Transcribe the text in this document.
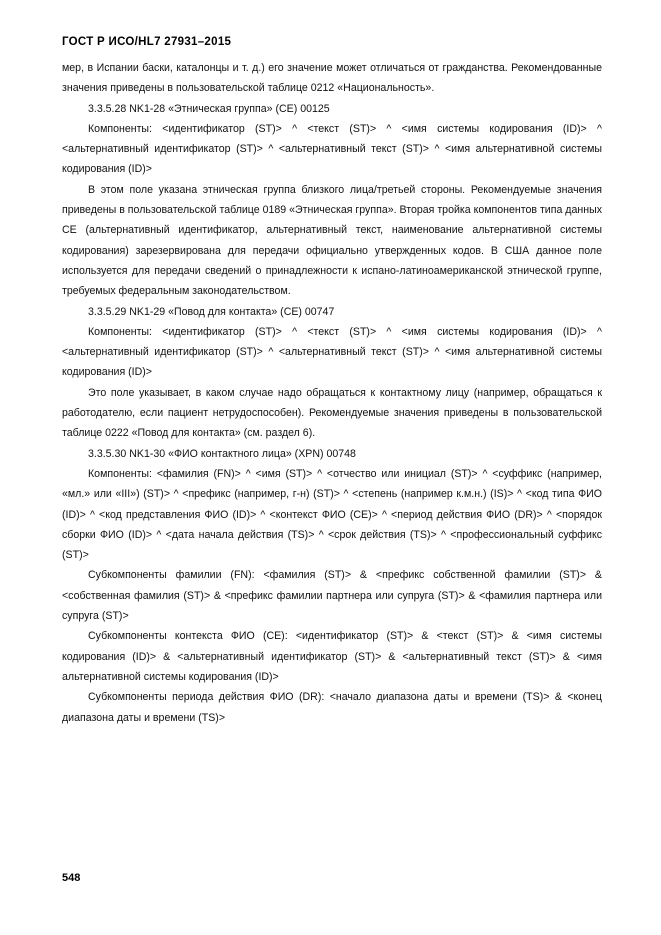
ГОСТ Р ИСО/HL7 27931–2015

мер, в Испании баски, каталонцы и т. д.) его значение может отличаться от гражданства. Рекомендованные значения приведены в пользовательской таблице 0212 «Национальность».

3.3.5.28 NK1-28 «Этническая группа» (CE) 00125

Компоненты: <идентификатор (ST)> ^ <текст (ST)> ^ <имя системы кодирования (ID)> ^ <альтернативный идентификатор (ST)> ^ <альтернативный текст (ST)> ^ <имя альтернативной системы кодирования (ID)>

В этом поле указана этническая группа близкого лица/третьей стороны. Рекомендуемые значения приведены в пользовательской таблице 0189 «Этническая группа». Вторая тройка компонентов типа данных CE (альтернативный идентификатор, альтернативный текст, наименование альтернативной системы кодирования) зарезервирована для передачи официально утвержденных кодов. В США данное поле используется для передачи сведений о принадлежности к испано-латиноамериканской этнической группе, требуемых федеральным законодательством.

3.3.5.29 NK1-29 «Повод для контакта» (CE) 00747

Компоненты: <идентификатор (ST)> ^ <текст (ST)> ^ <имя системы кодирования (ID)> ^ <альтернативный идентификатор (ST)> ^ <альтернативный текст (ST)> ^ <имя альтернативной системы кодирования (ID)>

Это поле указывает, в каком случае надо обращаться к контактному лицу (например, обращаться к работодателю, если пациент нетрудоспособен). Рекомендуемые значения приведены в пользовательской таблице 0222 «Повод для контакта» (см. раздел 6).

3.3.5.30 NK1-30 «ФИО контактного лица» (XPN) 00748

Компоненты: <фамилия (FN)> ^ <имя (ST)> ^ <отчество или инициал (ST)> ^ <суффикс (например, «мл.» или «III») (ST)> ^ <префикс (например, г-н) (ST)> ^ <степень (например к.м.н.) (IS)> ^ <код типа ФИО (ID)> ^ <код представления ФИО (ID)> ^ <контекст ФИО (CE)> ^ <период действия ФИО (DR)> ^ <порядок сборки ФИО (ID)> ^ <дата начала действия (TS)> ^ <срок действия (TS)> ^ <профессиональный суффикс (ST)>

Субкомпоненты фамилии (FN): <фамилия (ST)> & <префикс собственной фамилии (ST)> & <собственная фамилия (ST)> & <префикс фамилии партнера или супруга (ST)> & <фамилия партнера или супруга (ST)>

Субкомпоненты контекста ФИО (CE): <идентификатор (ST)> & <текст (ST)> & <имя системы кодирования (ID)> & <альтернативный идентификатор (ST)> & <альтернативный текст (ST)> & <имя альтернативной системы кодирования (ID)>

Субкомпоненты периода действия ФИО (DR): <начало диапазона даты и времени (TS)> & <конец диапазона даты и времени (TS)>

548
